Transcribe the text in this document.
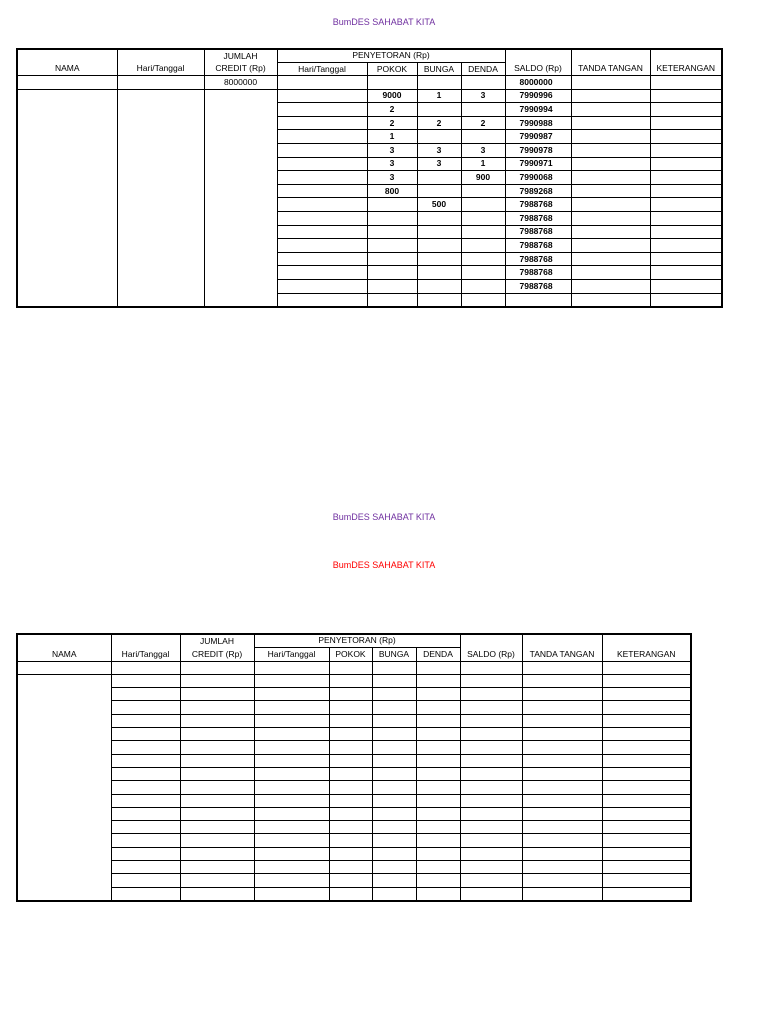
BumDES SAHABAT KITA
NAMA	Hari/Tanggal	JUMLAH	PENYETORAN (Rp)				SALDO (Rp)	TANDA TANGAN	KETERANGAN
		CREDIT (Rp)	Hari/Tanggal	POKOK	BUNGA	DENDA			
		8000000					8000000		
				9000	1	3	7990996		
				2			7990994		
				2	2	2	7990988		
				1			7990987		
				3	3	3	7990978		
				3	3	1	7990971		
				3		900	7990068		
				800			7989268		
					500		7988768		
							7988768		
							7988768		
							7988768		
							7988768		
							7988768		
							7988768		

BumDES SAHABAT KITA
BumDES SAHABAT KITA
NAMA	Hari/Tanggal	JUMLAH	PENYETORAN (Rp)				SALDO (Rp)	TANDA TANGAN	KETERANGAN
		CREDIT (Rp)	Hari/Tanggal	POKOK	BUNGA	DENDA			
